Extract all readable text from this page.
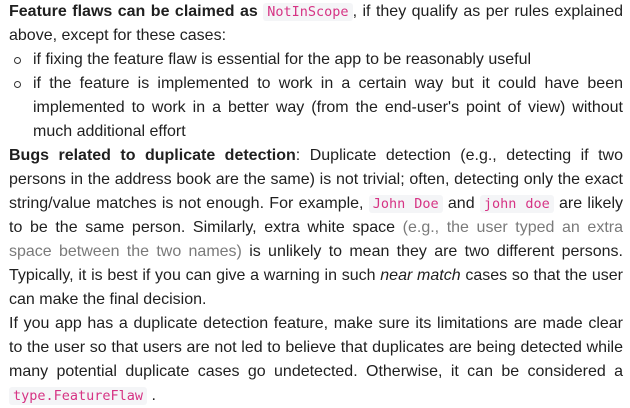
Feature flaws can be claimed as NotInScope , if they qualify as per rules explained above, except for these cases:

if fixing the feature flaw is essential for the app to be reasonably useful
if the feature is implemented to work in a certain way but it could have been implemented to work in a better way (from the end-user's point of view) without much additional effort

Bugs related to duplicate detection: Duplicate detection (e.g., detecting if two persons in the address book are the same) is not trivial; often, detecting only the exact string/value matches is not enough. For example, John Doe and john doe are likely to be the same person. Similarly, extra white space (e.g., the user typed an extra space between the two names) is unlikely to mean they are two different persons. Typically, it is best if you can give a warning in such near match cases so that the user can make the final decision.

If you app has a duplicate detection feature, make sure its limitations are made clear to the user so that users are not led to believe that duplicates are being detected while many potential duplicate cases go undetected. Otherwise, it can be considered a type.FeatureFlaw .
